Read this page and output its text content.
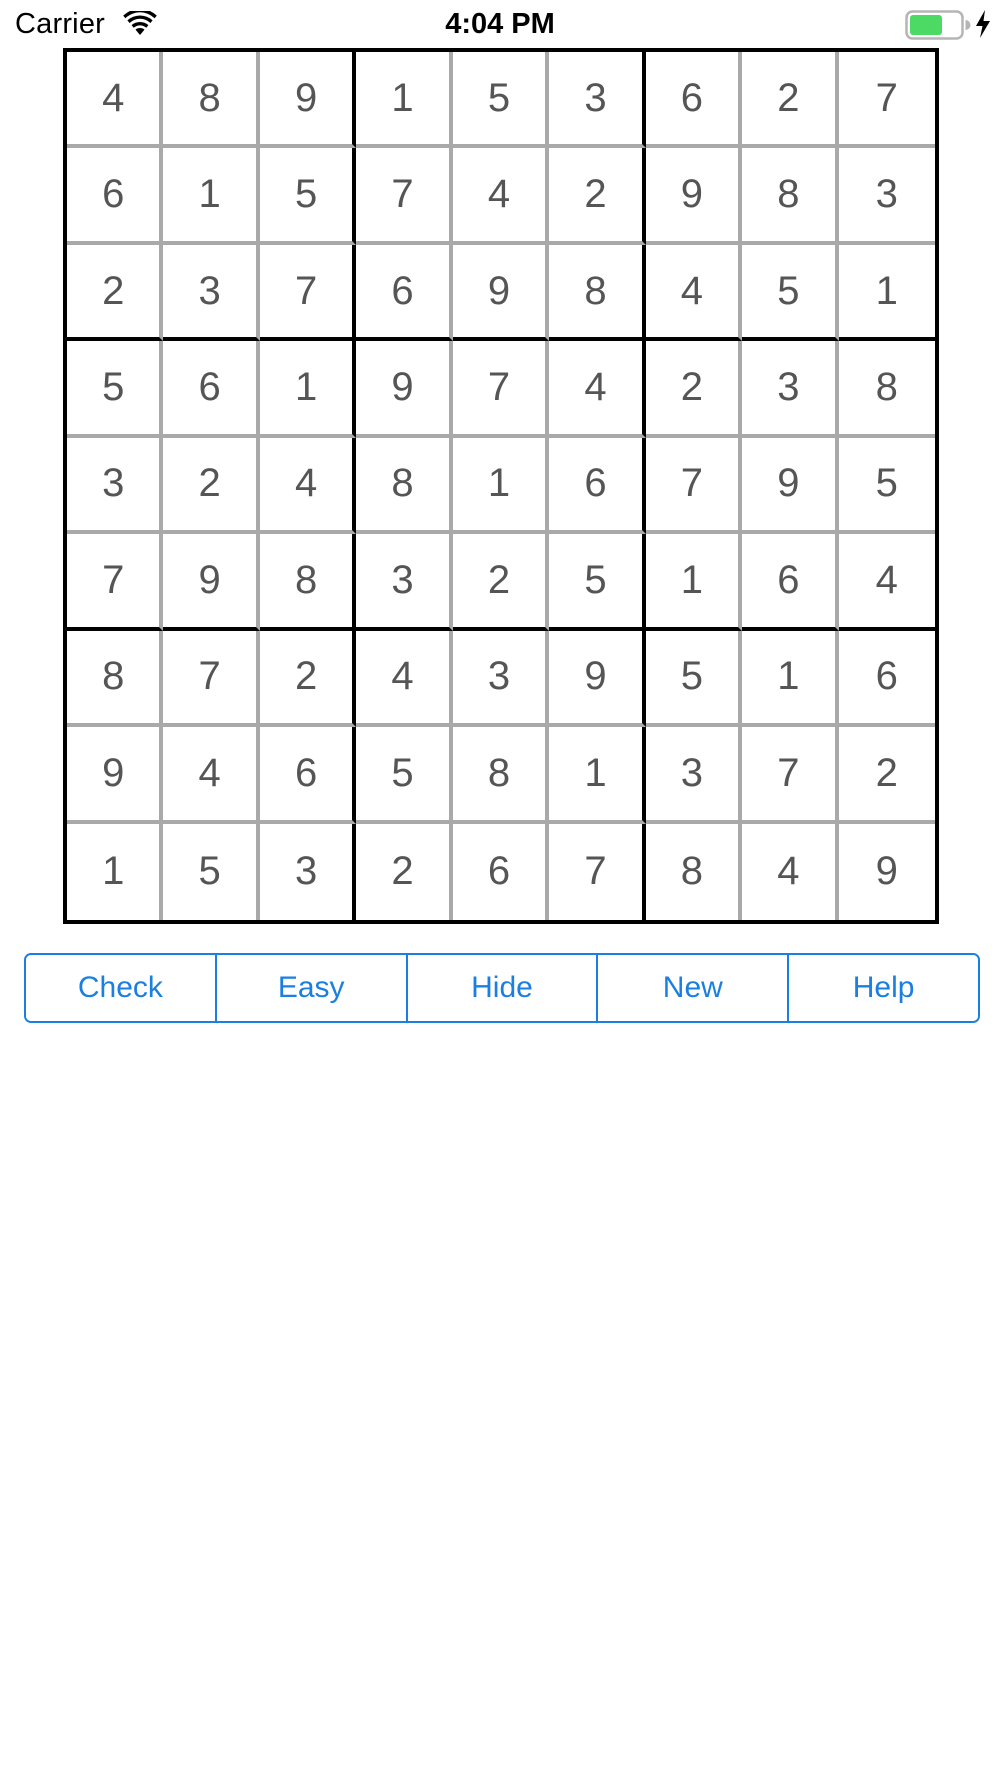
Carrier	4:04 PM
4	8	9	1	5	3	6	2	7
6	1	5	7	4	2	9	8	3
2	3	7	6	9	8	4	5	1
5	6	1	9	7	4	2	3	8
3	2	4	8	1	6	7	9	5
7	9	8	3	2	5	1	6	4
8	7	2	4	3	9	5	1	6
9	4	6	5	8	1	3	7	2
1	5	3	2	6	7	8	4	9
Check	Easy	Hide	New	Help
